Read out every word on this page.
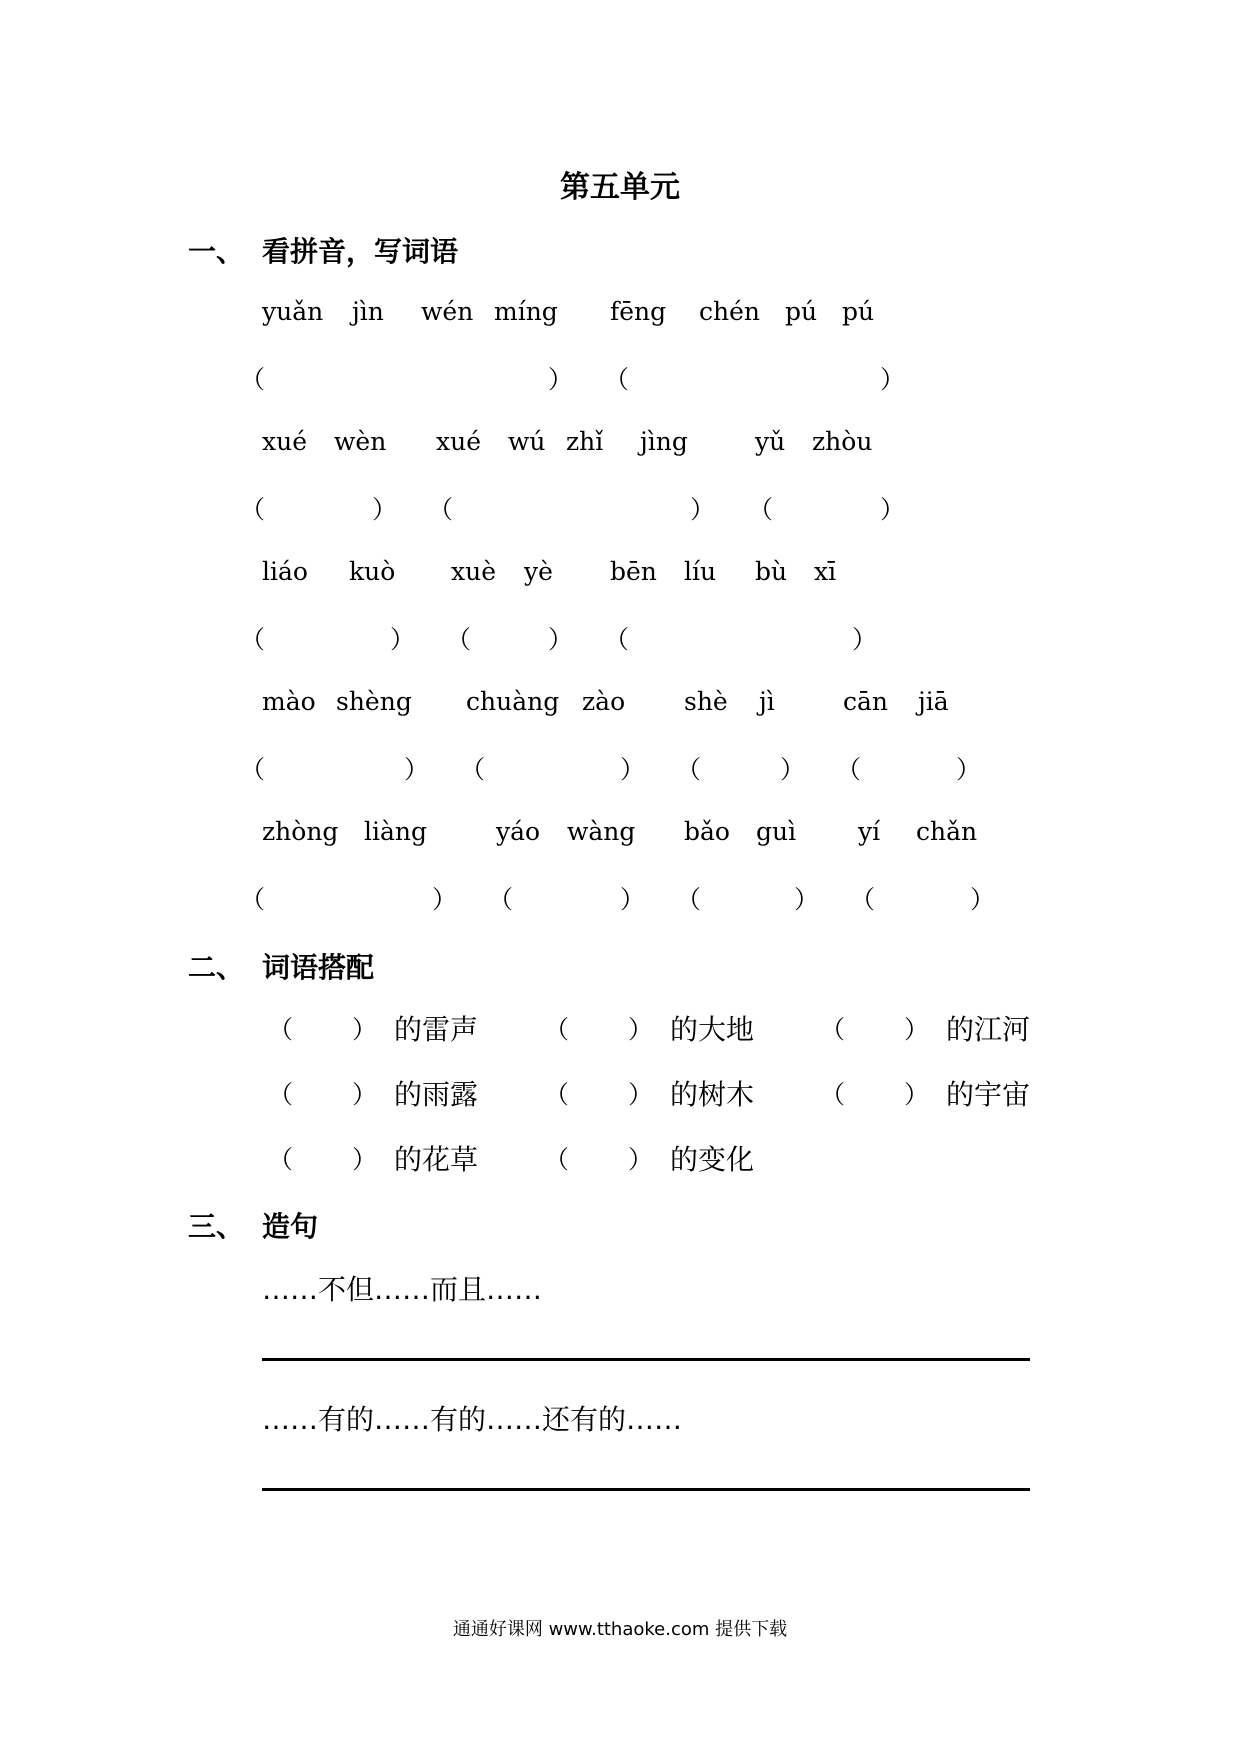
第五单元
一、 看拼音，写词语
yuǎn jìn wén míng fēng chén pú pú
（	） （	）
xué wèn xué wú zhǐ jìng	yǔ zhòu
（	） （	） （	）
liáo kuò xuè yè bēn líu bù xī
（	） （	） （	）
mào shèng chuàng zào shè jì	cān jiā
（	） （	） （	） （	）
zhòng liàng	yáo wàng bǎo guì yí chǎn
（	） （	） （	） （	）
二、 词语搭配
（ ） 的雷声	（ ） 的大地	（ ） 的江河
（ ） 的雨露	（ ） 的树木	（ ） 的宇宙
（ ） 的花草	（ ） 的变化
三、 造句
……不但……而且……
……有的……有的……还有的……
通通好课网 www.tthaoke.com 提供下载
